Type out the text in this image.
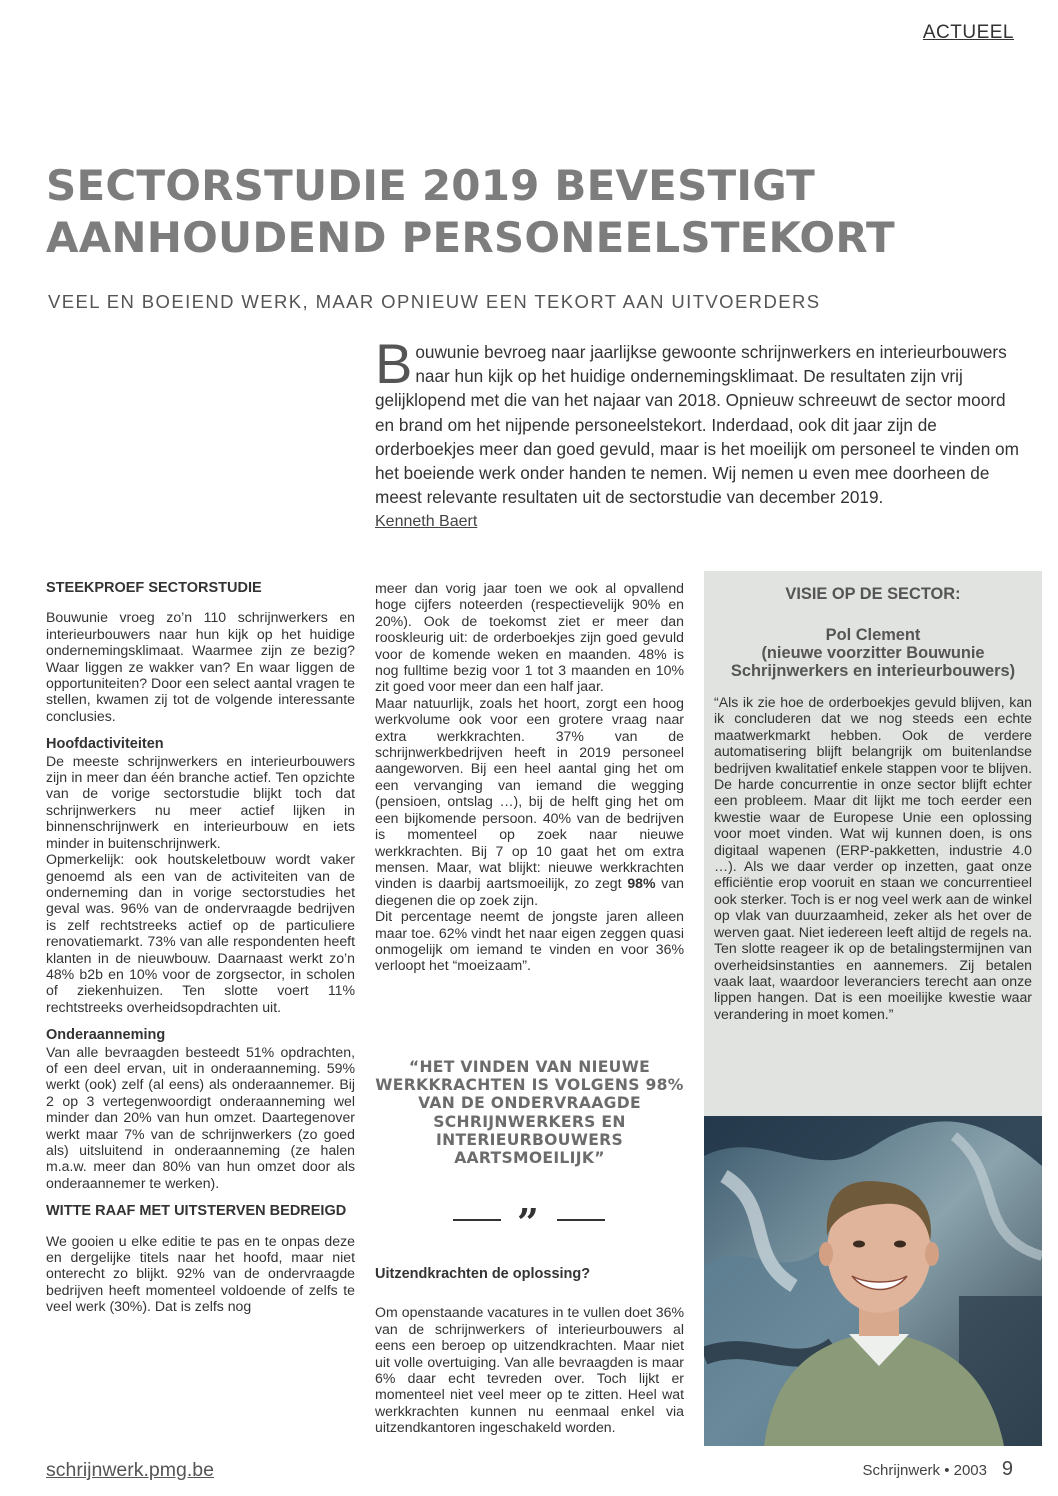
ACTUEEL
SECTORSTUDIE 2019 BEVESTIGT
AANHOUDEND PERSONEELSTEKORT
VEEL EN BOEIEND WERK, MAAR OPNIEUW EEN TEKORT AAN UITVOERDERS
B ouwunie bevroeg naar jaarlijkse gewoonte schrijnwerkers en interieurbouwers naar hun kijk op het huidige ondernemingsklimaat. De resultaten zijn vrij gelijklopend met die van het najaar van 2018. Opnieuw schreeuwt de sector moord en brand om het nijpende personeelstekort. Inderdaad, ook dit jaar zijn de orderboekjes meer dan goed gevuld, maar is het moeilijk om personeel te vinden om het boeiende werk onder handen te nemen. Wij nemen u even mee doorheen de meest relevante resultaten uit de sectorstudie van december 2019.
Kenneth Baert

STEEKPROEF SECTORSTUDIE

Bouwunie vroeg zo’n 110 schrijnwerkers en interieurbouwers naar hun kijk op het huidige ondernemingsklimaat. Waarmee zijn ze bezig? Waar liggen ze wakker van? En waar liggen de opportuniteiten? Door een select aantal vragen te stellen, kwamen zij tot de volgende interessante conclusies.

Hoofdactiviteiten

De meeste schrijnwerkers en interieurbouwers zijn in meer dan één branche actief. Ten opzichte van de vorige sectorstudie blijkt toch dat schrijnwerkers nu meer actief lijken in binnenschrijnwerk en interieurbouw en iets minder in buitenschrijnwerk.

Opmerkelijk: ook houtskeletbouw wordt vaker genoemd als een van de activiteiten van de onderneming dan in vorige sectorstudies het geval was. 96% van de ondervraagde bedrijven is zelf rechtstreeks actief op de particuliere renovatiemarkt. 73% van alle respondenten heeft klanten in de nieuwbouw. Daarnaast werkt zo’n 48% b2b en 10% voor de zorgsector, in scholen of ziekenhuizen. Ten slotte voert 11% rechtstreeks overheidsopdrachten uit.

Onderaanneming

Van alle bevraagden besteedt 51% opdrachten, of een deel ervan, uit in onderaanneming. 59% werkt (ook) zelf (al eens) als onderaannemer. Bij 2 op 3 vertegenwoordigt onderaanneming wel minder dan 20% van hun omzet. Daartegenover werkt maar 7% van de schrijnwerkers (zo goed als) uitsluitend in onderaanneming (ze halen m.a.w. meer dan 80% van hun omzet door als onderaannemer te werken).

WITTE RAAF MET UITSTERVEN BEDREIGD

We gooien u elke editie te pas en te onpas deze en dergelijke titels naar het hoofd, maar niet onterecht zo blijkt. 92% van de ondervraagde bedrijven heeft momenteel voldoende of zelfs te veel werk (30%). Dat is zelfs nog

meer dan vorig jaar toen we ook al opvallend hoge cijfers noteerden (respectievelijk 90% en 20%). Ook de toekomst ziet er meer dan rooskleurig uit: de orderboekjes zijn goed gevuld voor de komende weken en maanden. 48% is nog fulltime bezig voor 1 tot 3 maanden en 10% zit goed voor meer dan een half jaar.

Maar natuurlijk, zoals het hoort, zorgt een hoog werkvolume ook voor een grotere vraag naar extra werkkrachten. 37% van de schrijnwerkbedrijven heeft in 2019 personeel aangeworven. Bij een heel aantal ging het om een vervanging van iemand die wegging (pensioen, ontslag …), bij de helft ging het om een bijkomende persoon. 40% van de bedrijven is momenteel op zoek naar nieuwe werkkrachten. Bij 7 op 10 gaat het om extra mensen. Maar, wat blijkt: nieuwe werkkrachten vinden is daarbij aartsmoeilijk, zo zegt 98% van diegenen die op zoek zijn.

Dit percentage neemt de jongste jaren alleen maar toe. 62% vindt het naar eigen zeggen quasi onmogelijk om iemand te vinden en voor 36% verloopt het “moeizaam”.

“HET VINDEN VAN NIEUWE WERKKRACHTEN IS VOLGENS 98% VAN DE ONDERVRAAGDE SCHRIJNWERKERS EN INTERIEURBOUWERS AARTSMOEILIJK”
”

Uitzendkrachten de oplossing?

Om openstaande vacatures in te vullen doet 36% van de schrijnwerkers of interieurbouwers al eens een beroep op uitzendkrachten. Maar niet uit volle overtuiging. Van alle bevraagden is maar 6% daar echt tevreden over. Toch lijkt er momenteel niet veel meer op te zitten. Heel wat werkkrachten kunnen nu eenmaal enkel via uitzendkantoren ingeschakeld worden.

VISIE OP DE SECTOR:
Pol Clement
(nieuwe voorzitter Bouwunie Schrijnwerkers en interieurbouwers)
“Als ik zie hoe de orderboekjes gevuld blijven, kan ik concluderen dat we nog steeds een echte maatwerkmarkt hebben. Ook de verdere automatisering blijft belangrijk om buitenlandse bedrijven kwalitatief enkele stappen voor te blijven. De harde concurrentie in onze sector blijft echter een probleem. Maar dit lijkt me toch eerder een kwestie waar de Europese Unie een oplossing voor moet vinden. Wat wij kunnen doen, is ons digitaal wapenen (ERP-pakketten, industrie 4.0 …). Als we daar verder op inzetten, gaat onze efficiëntie erop vooruit en staan we concurrentieel ook sterker. Toch is er nog veel werk aan de winkel op vlak van duurzaamheid, zeker als het over de werven gaat. Niet iedereen leeft altijd de regels na. Ten slotte reageer ik op de betalingstermijnen van overheidsinstanties en aannemers. Zij betalen vaak laat, waardoor leveranciers terecht aan onze lippen hangen. Dat is een moeilijke kwestie waar verandering in moet komen.”
schrijnwerk.pmg.be	Schrijnwerk • 2003 9
